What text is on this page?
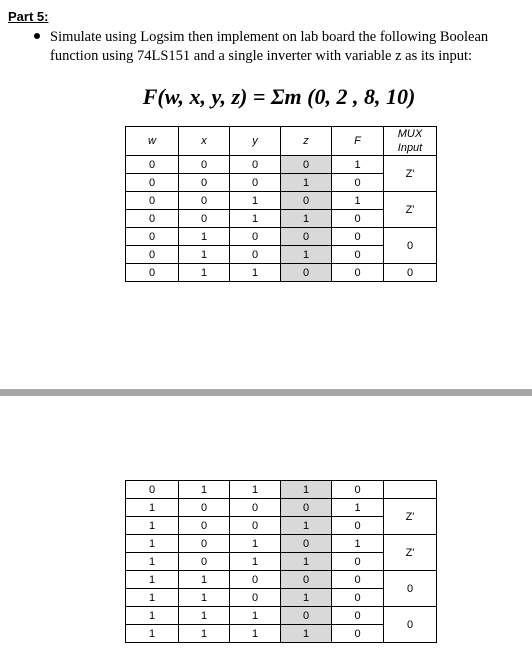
Part 5:
Simulate using Logsim then implement on lab board the following Boolean
function using 74LS151 and a single inverter with variable z as its input:
F(w, x, y, z) = Σm (0, 2 , 8, 10)
w	x	y	z	F	MUX
Input
0	0	0	0	1	Z'
0	0	0	1	0	
0	0	1	0	1	Z'
0	0	1	1	0	
0	1	0	0	0	0
0	1	0	1	0	
0	1	1	0	0	0
0	1	1	1	0	
1	0	0	0	1	Z'
1	0	0	1	0	
1	0	1	0	1	Z'
1	0	1	1	0	
1	1	0	0	0	0
1	1	0	1	0	
1	1	1	0	0	0
1	1	1	1	0	
